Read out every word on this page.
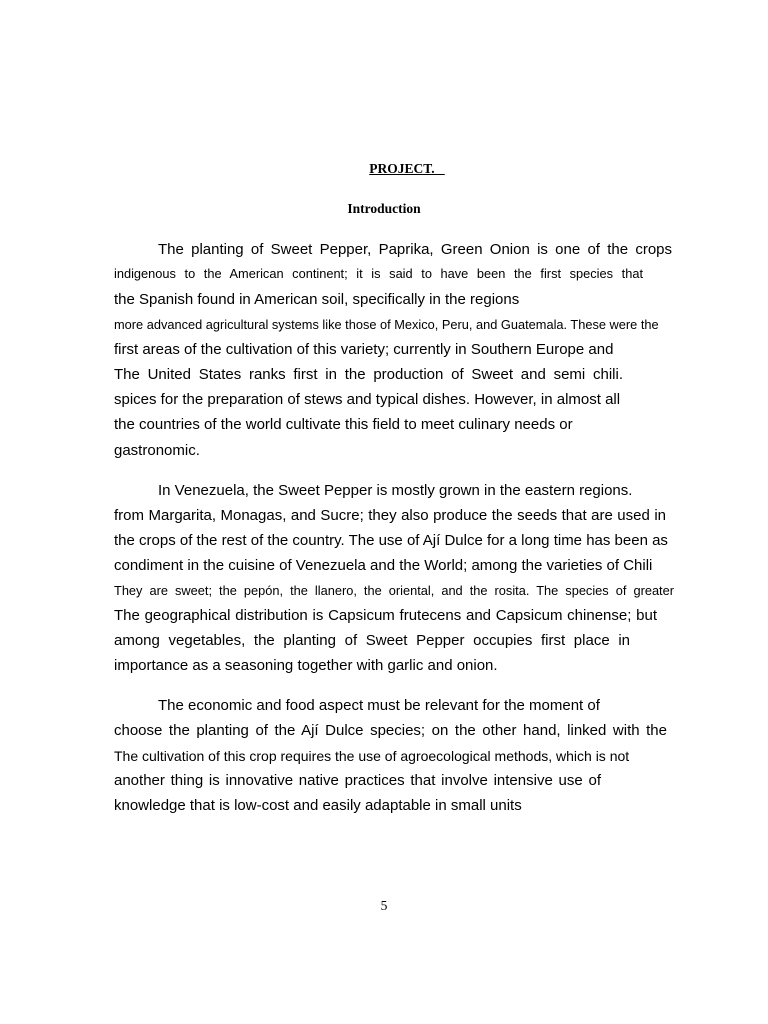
PROJECT.
Introduction
The planting of Sweet Pepper, Paprika, Green Onion is one of the crops
indigenous to the American continent; it is said to have been the first species that
the Spanish found in American soil, specifically in the regions
more advanced agricultural systems like those of Mexico, Peru, and Guatemala. These were the
first areas of the cultivation of this variety; currently in Southern Europe and
The United States ranks first in the production of Sweet and semi chili.
spices for the preparation of stews and typical dishes. However, in almost all
the countries of the world cultivate this field to meet culinary needs or
gastronomic.
In Venezuela, the Sweet Pepper is mostly grown in the eastern regions.
from Margarita, Monagas, and Sucre; they also produce the seeds that are used in
the crops of the rest of the country. The use of Ají Dulce for a long time has been as
condiment in the cuisine of Venezuela and the World; among the varieties of Chili
They are sweet; the pepón, the llanero, the oriental, and the rosita. The species of greater
The geographical distribution is Capsicum frutecens and Capsicum chinense; but
among vegetables, the planting of Sweet Pepper occupies first place in
importance as a seasoning together with garlic and onion.
The economic and food aspect must be relevant for the moment of
choose the planting of the Ají Dulce species; on the other hand, linked with the
The cultivation of this crop requires the use of agroecological methods, which is not
another thing is innovative native practices that involve intensive use of
knowledge that is low-cost and easily adaptable in small units
5
